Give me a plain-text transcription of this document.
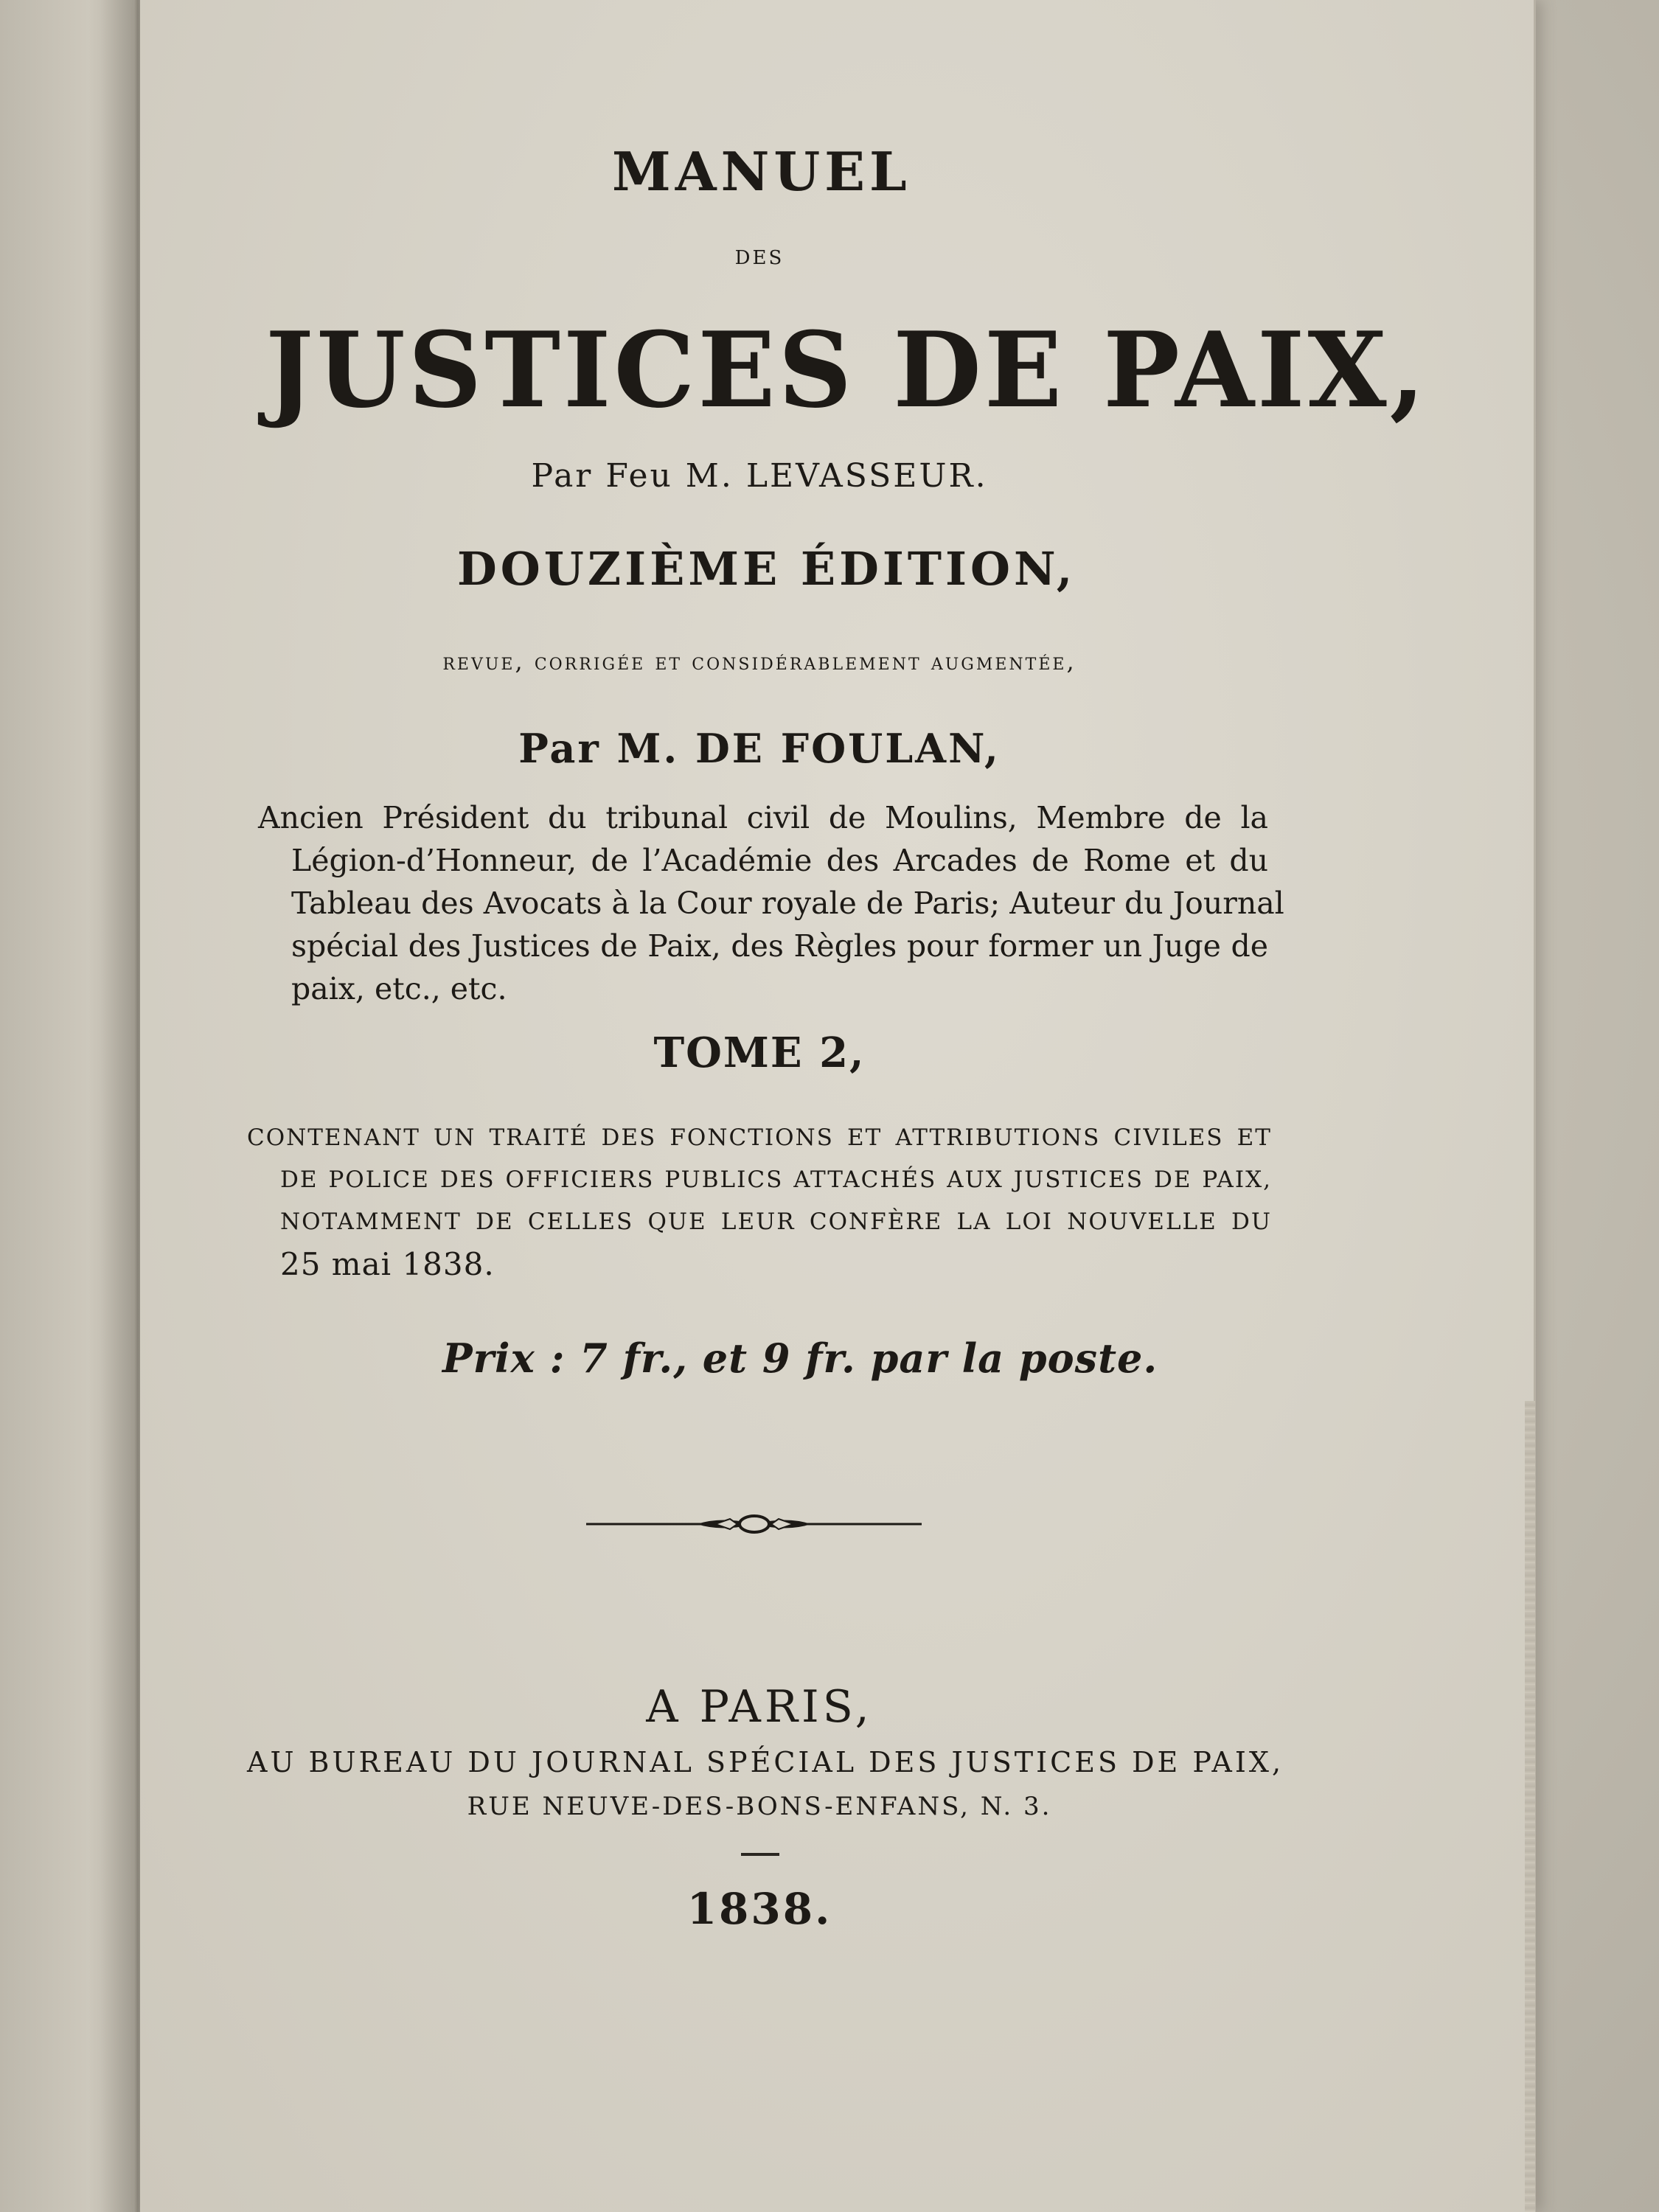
MANUEL

DES

JUSTICES DE PAIX,

Par Feu M. LEVASSEUR.

DOUZIÈME ÉDITION,

revue, corrigée et considérablement augmentée,

Par M. DE FOULAN,

Ancien Président du tribunal civil de Moulins, Membre de la
Légion-d’Honneur, de l’Académie des Arcades de Rome et du
Tableau des Avocats à la Cour royale de Paris; Auteur du Journal
spécial des Justices de Paix, des Règles pour former un Juge de
paix, etc., etc.

TOME 2,

CONTENANT UN TRAITÉ DES FONCTIONS ET ATTRIBUTIONS CIVILES ET
DE POLICE DES OFFICIERS PUBLICS ATTACHÉS AUX JUSTICES DE PAIX,
NOTAMMENT DE CELLES QUE LEUR CONFÈRE LA LOI NOUVELLE DU
25 mai 1838.

Prix : 7 fr., et 9 fr. par la poste.

A PARIS,

AU BUREAU DU JOURNAL SPÉCIAL DES JUSTICES DE PAIX,

RUE NEUVE-DES-BONS-ENFANS, N. 3.

1838.
